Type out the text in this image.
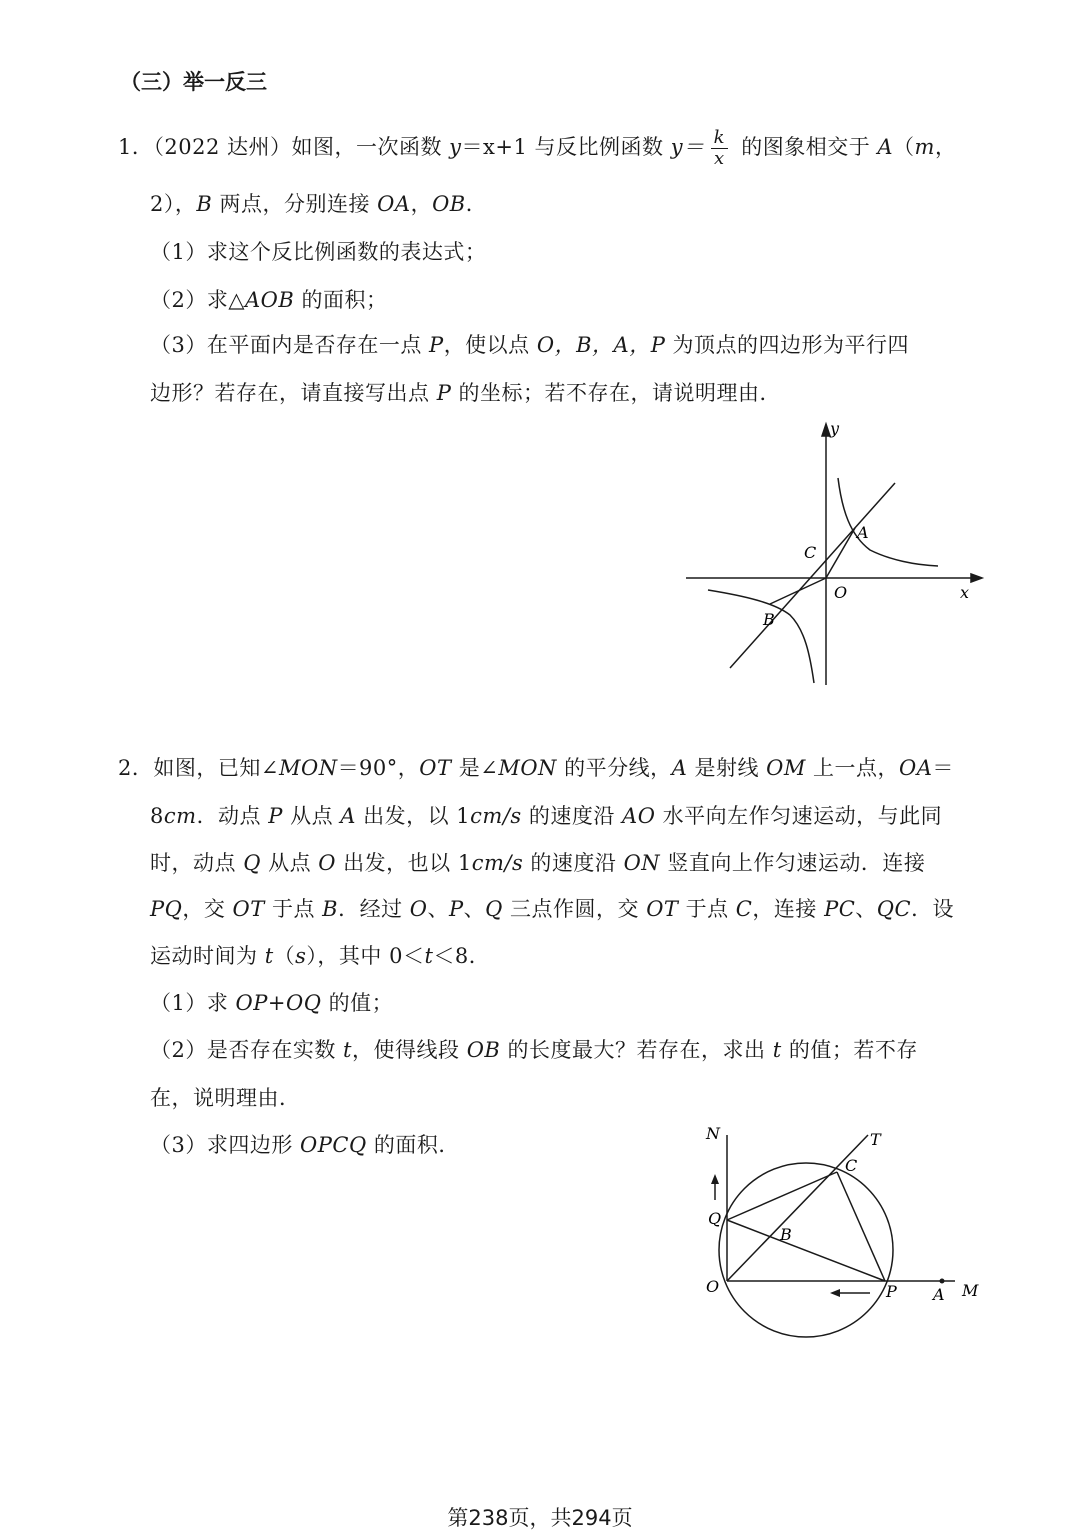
（三）举一反三
1．（2022 达州）如图，一次函数 y＝x+1 与反比例函数 $y= \frac{k}{x}$ 的图象相交于 A（m，
2），B 两点，分别连接 OA，OB．
（1）求这个反比例函数的表达式；
（2）求△AOB 的面积；
（3）在平面内是否存在一点 P，使以点 O，B，A，P 为顶点的四边形为平行四
边形？若存在，请直接写出点 P 的坐标；若不存在，请说明理由．
y
x
A
B
C
O
2．如图，已知∠MON＝90°，OT 是∠MON 的平分线，A 是射线 OM 上一点，OA＝
8cm．动点 P 从点 A 出发，以 1cm/s 的速度沿 AO 水平向左作匀速运动，与此同
时，动点 Q 从点 O 出发，也以 1cm/s 的速度沿 ON 竖直向上作匀速运动．连接
PQ，交 OT 于点 B．经过 O、P、Q 三点作圆，交 OT 于点 C，连接 PC、QC．设
运动时间为 t（s），其中 0＜t＜8．
（1）求 OP+OQ 的值；
（2）是否存在实数 t，使得线段 OB 的长度最大？若存在，求出 t 的值；若不存
在，说明理由．
（3）求四边形 OPCQ 的面积．	N	T
C
Q
B
O	P A M
第238页，共294页
